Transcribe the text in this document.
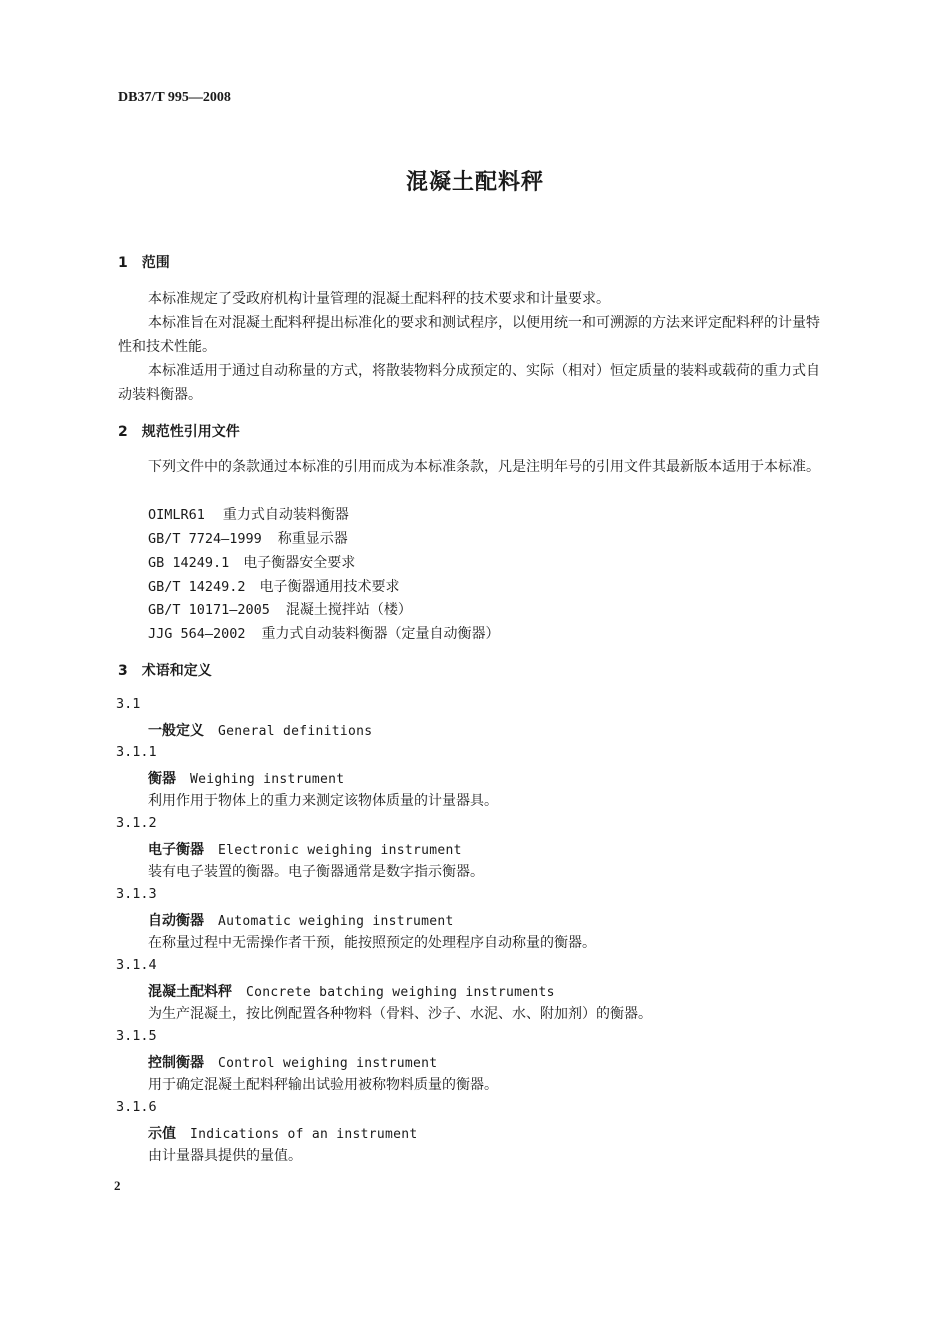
DB37/T 995—2008
混凝土配料秤
1　范围
本标准规定了受政府机构计量管理的混凝土配料秤的技术要求和计量要求。
本标准旨在对混凝土配料秤提出标准化的要求和测试程序，以便用统一和可溯源的方法来评定配料秤的计量特性和技术性能。
本标准适用于通过自动称量的方式，将散装物料分成预定的、实际（相对）恒定质量的装料或载荷的重力式自动装料衡器。
2　规范性引用文件
下列文件中的条款通过本标准的引用而成为本标准条款，凡是注明年号的引用文件其最新版本适用于本标准。
OIMLR61 重力式自动装料衡器
GB/T 7724—1999 称重显示器
GB 14249.1 电子衡器安全要求
GB/T 14249.2 电子衡器通用技术要求
GB/T 10171—2005 混凝土搅拌站（楼）
JJG 564—2002 重力式自动装料衡器（定量自动衡器）
3　术语和定义
3.1
一般定义 General definitions
3.1.1
衡器 Weighing instrument
利用作用于物体上的重力来测定该物体质量的计量器具。
3.1.2
电子衡器 Electronic weighing instrument
装有电子装置的衡器。电子衡器通常是数字指示衡器。
3.1.3
自动衡器 Automatic weighing instrument
在称量过程中无需操作者干预，能按照预定的处理程序自动称量的衡器。
3.1.4
混凝土配料秤 Concrete batching weighing instruments
为生产混凝土，按比例配置各种物料（骨料、沙子、水泥、水、附加剂）的衡器。
3.1.5
控制衡器 Control weighing instrument
用于确定混凝土配料秤输出试验用被称物料质量的衡器。
3.1.6
示值 Indications of an instrument
由计量器具提供的量值。
2
